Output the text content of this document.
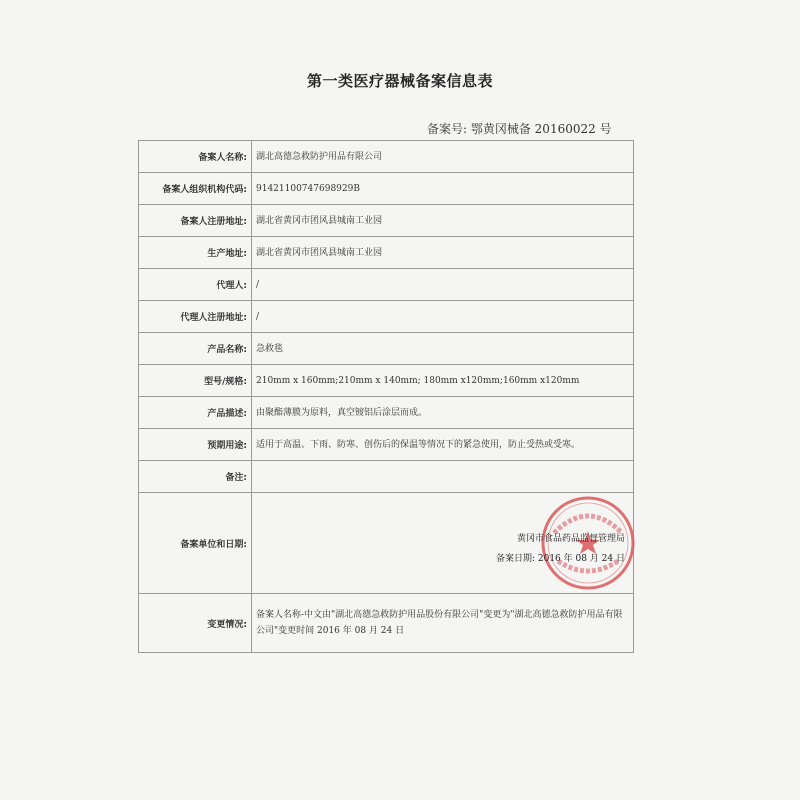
第一类医疗器械备案信息表
备案号: 鄂黄冈械备 20160022 号
备案人名称:	湖北高德急救防护用品有限公司
备案人组织机构代码:	91421100747698929B
备案人注册地址:	湖北省黄冈市团风县城南工业园
生产地址:	湖北省黄冈市团风县城南工业园
代理人:	/
代理人注册地址:	/
产品名称:	急救毯
型号/规格:	210mm x 160mm;210mm x 140mm; 180mm x120mm;160mm x120mm
产品描述:	由聚酯薄膜为原料，真空镀铝后涂层而成。
预期用途:	适用于高温、下雨、防寒、创伤后的保温等情况下的紧急使用，防止受热或受寒。
备注:	
备案单位和日期:	黄冈市食品药品监督管理局
备案日期: 2016 年 08 月 24 日

变更情况:	备案人名称-中文由"湖北高德急救防护用品股份有限公司"变更为"湖北高德急救防护用品有限公司"变更时间 2016 年 08 月 24 日
